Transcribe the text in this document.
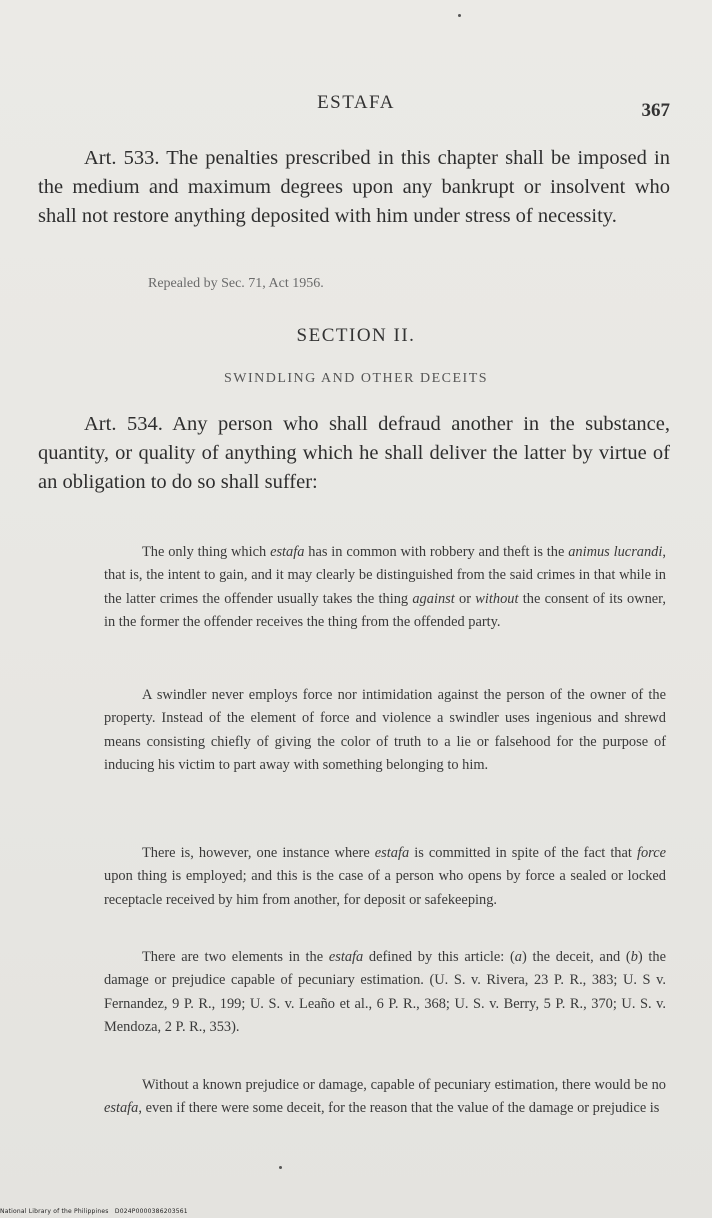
ESTAFA	367
Art. 533. The penalties prescribed in this chapter shall be imposed in the medium and maximum degrees upon any bankrupt or insolvent who shall not restore anything deposited with him under stress of necessity.
Repealed by Sec. 71, Act 1956.
SECTION II.
SWINDLING AND OTHER DECEITS
Art. 534. Any person who shall defraud another in the substance, quantity, or quality of anything which he shall deliver the latter by virtue of an obligation to do so shall suffer:

The only thing which estafa has in common with robbery and theft is the animus lucrandi, that is, the intent to gain, and it may clearly be distinguished from the said crimes in that while in the latter crimes the offender usually takes the thing against or without the consent of its owner, in the former the offender receives the thing from the offended party.

A swindler never employs force nor intimidation against the person of the owner of the property. Instead of the element of force and violence a swindler uses ingenious and shrewd means consisting chiefly of giving the color of truth to a lie or falsehood for the purpose of inducing his victim to part away with something belonging to him.

There is, however, one instance where estafa is committed in spite of the fact that force upon thing is employed; and this is the case of a person who opens by force a sealed or locked receptacle received by him from another, for deposit or safekeeping.

There are two elements in the estafa defined by this article: (a) the deceit, and (b) the damage or prejudice capable of pecuniary estimation. (U. S. v. Rivera, 23 P. R., 383; U. S v. Fernandez, 9 P. R., 199; U. S. v. Leaño et al., 6 P. R., 368; U. S. v. Berry, 5 P. R., 370; U. S. v. Mendoza, 2 P. R., 353).

Without a known prejudice or damage, capable of pecuniary estimation, there would be no estafa, even if there were some deceit, for the reason that the value of the damage or prejudice is

National Library of the Philippines D024P0000386203561
